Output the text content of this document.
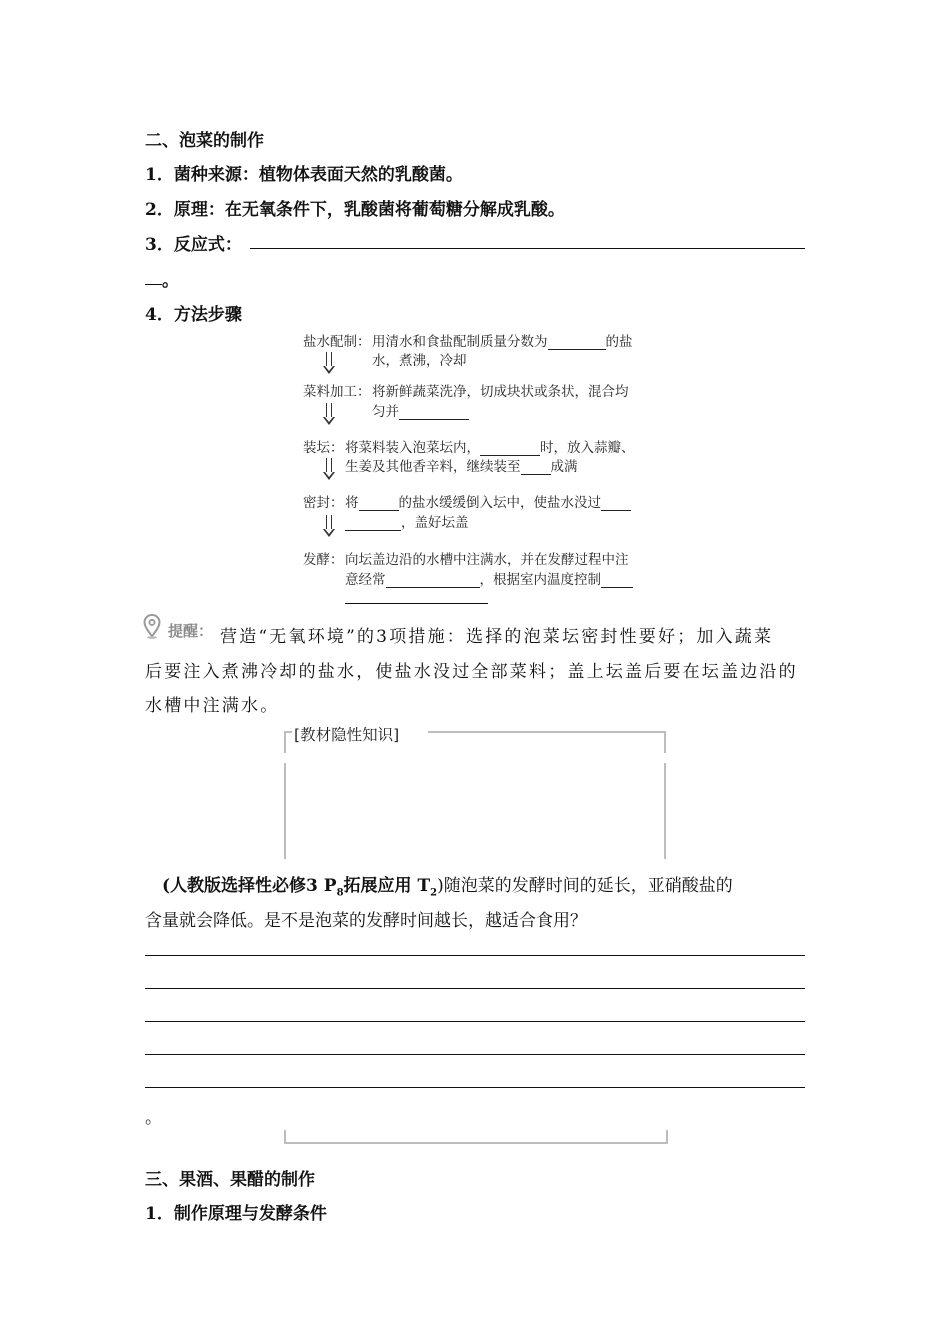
二、泡菜的制作
1．菌种来源：植物体表面天然的乳酸菌。
2．原理：在无氧条件下，乳酸菌将葡萄糖分解成乳酸。
3．反应式：
。
4．方法步骤
盐水配制： 用清水和食盐配制质量分数为	的盐
水，煮沸，冷却
菜料加工： 将新鲜蔬菜洗净，切成块状或条状，混合均
匀并
装坛： 将菜料装入泡菜坛内，	时，放入蒜瓣、
生姜及其他香辛料，继续装至 成满
密封： 将	的盐水缓缓倒入坛中，使盐水没过
，盖好坛盖
发酵： 向坛盖边沿的水槽中注满水，并在发酵过程中注
意经常	，根据室内温度控制
提醒： 营造“无氧环境”的3项措施：选择的泡菜坛密封性要好；加入蔬菜
后要注入煮沸冷却的盐水，使盐水没过全部菜料；盖上坛盖后要在坛盖边沿的
水槽中注满水。
[教材隐性知识]
(人教版选择性必修3 $P_8$拓展应用 $T_2$)随泡菜的发酵时间的延长，亚硝酸盐的
含量就会降低。是不是泡菜的发酵时间越长，越适合食用？
。
三、果酒、果醋的制作
1．制作原理与发酵条件
